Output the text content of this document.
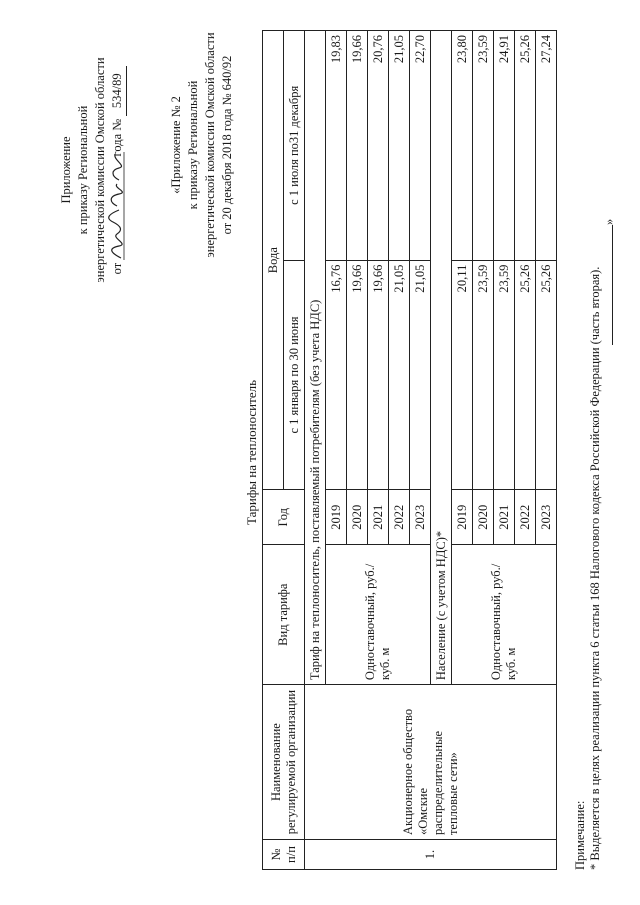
Приложение к приказу Региональной энергетической комиссии Омской области от
года № 534/89
«Приложение № 2 к приказу Региональной энергетической комиссии Омской области от 20 декабря 2018 года № 640/92
Тарифы на теплоноситель
№ п/п	Наименование регулируемой организации	Вид тарифа	Год	Вода	
				с 1 января по 30 июня	с 1 июля по31 декабря
1.	Акционерное общество «Омские распределительные тепловые сети»	Тариф на теплоноситель, поставляемый потребителям (без учета НДС)			
		Одноставочный, руб./куб. м	2019	16,76	19,83
			2020	19,66	19,66
			2021	19,66	20,76
			2022	21,05	21,05
			2023	21,05	22,70
		Население (с учетом НДС)*			
		Одноставочный, руб./куб. м	2019	20,11	23,80
			2020	23,59	23,59
			2021	23,59	24,91
			2022	25,26	25,26
			2023	25,26	27,24
Примечание: * Выделяется в целях реализации пункта 6 статьи 168 Налогового кодекса Российской Федерации (часть вторая).
»
